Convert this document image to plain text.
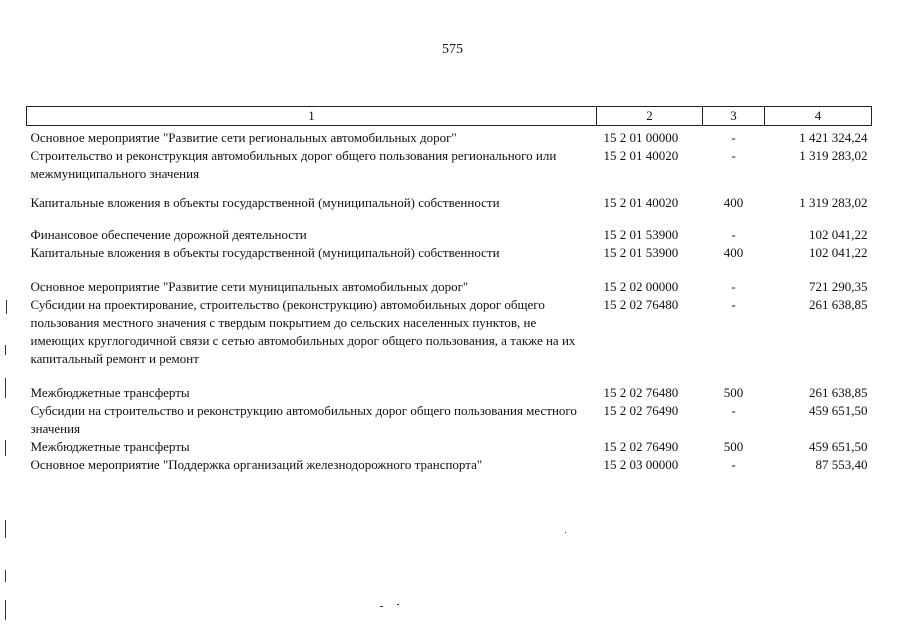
575
1	2	3	4
Основное мероприятие "Развитие сети региональных автомобильных дорог"	15 2 01 00000	-	1 421 324,24
Строительство и реконструкция автомобильных дорог общего пользования регионального или межмуниципального значения	15 2 01 40020	-	1 319 283,02
Капитальные вложения в объекты государственной (муниципальной) собственности	15 2 01 40020	400	1 319 283,02
Финансовое обеспечение дорожной деятельности	15 2 01 53900	-	102 041,22
Капитальные вложения в объекты государственной (муниципальной) собственности	15 2 01 53900	400	102 041,22
Основное мероприятие "Развитие сети муниципальных автомобильных дорог"	15 2 02 00000	-	721 290,35
Субсидии на проектирование, строительство (реконструкцию) автомобильных дорог общего пользования местного значения с твердым покрытием до сельских населенных пунктов, не имеющих круглогодичной связи с сетью автомобильных дорог общего пользования, а также на их капитальный ремонт и ремонт	15 2 02 76480	-	261 638,85
Межбюджетные трансферты	15 2 02 76480	500	261 638,85
Субсидии на строительство и реконструкцию автомобильных дорог общего пользования местного значения	15 2 02 76490	-	459 651,50
Межбюджетные трансферты	15 2 02 76490	500	459 651,50
Основное мероприятие "Поддержка организаций железнодорожного транспорта"	15 2 03 00000	-	87 553,40
